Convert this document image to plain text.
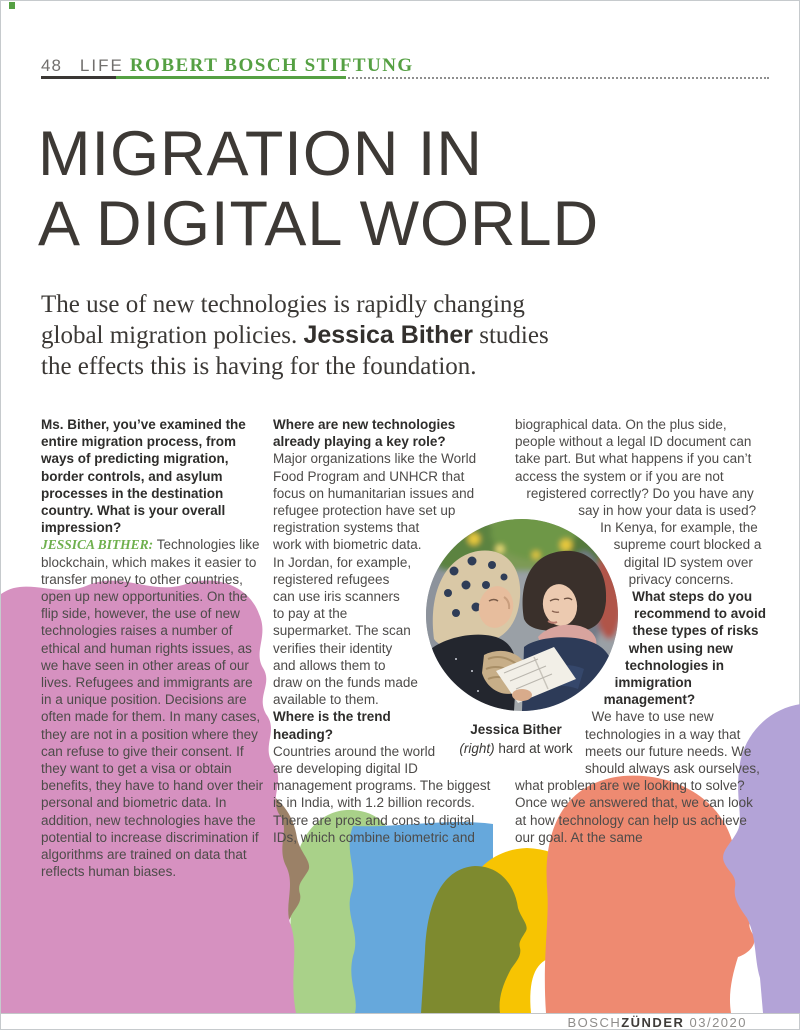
48 LIFE ROBERT BOSCH STIFTUNG
MIGRATION IN
A DIGITAL WORLD
The use of new technologies is rapidly changing
global migration policies. Jessica Bither studies
the effects this is having for the foundation.

Ms. Bither, you’ve examined the entire migration process, from ways of predicting migration, border controls, and asylum processes in the destination country. What is your overall impression?

JESSICA BITHER: Technologies like blockchain, which makes it easier to transfer money to other countries, open up new opportunities. On the flip side, however, the use of new technologies raises a number of ethical and human rights issues, as we have seen in other areas of our lives. Refugees and immigrants are in a unique position. Decisions are often made for them. In many cases, they are not in a position where they can refuse to give their consent. If they want to get a visa or obtain benefits, they have to hand over their personal and biometric data. In addition, new technologies have the potential to increase discrimination if algorithms are trained on data that reflects human biases.

Where are new technologies already playing a key role?

Major organizations like the World Food Program and UNHCR that focus on humanitarian issues and refugee protection have set up registration systems that work with biometric data. In Jordan, for example, registered refugees can use iris scanners to pay at the supermarket. The scan verifies their identity and allows them to draw on the funds made available to them.

Where is the trend heading?

Countries around the world are developing digital ID management programs. The biggest is in India, with 1.2 billion records. There are pros and cons to digital IDs, which combine biometric and

biographical data. On the plus side, people without a legal ID document can take part. But what happens if you can’t access the system or if you are not registered correctly? Do you have any say in how your data is used? In Kenya, for example, the supreme court blocked a digital ID system over privacy concerns.

What steps do you recommend to avoid these types of risks when using new technologies in immigration management?

We have to use new technologies in a way that meets our future needs. We should always ask ourselves, what problem are we looking to solve? Once we’ve answered that, we can look at how technology can help us achieve our goal. At the same

Jessica Bither
(right) hard at work
BOSCHZÜNDER 03/2020
